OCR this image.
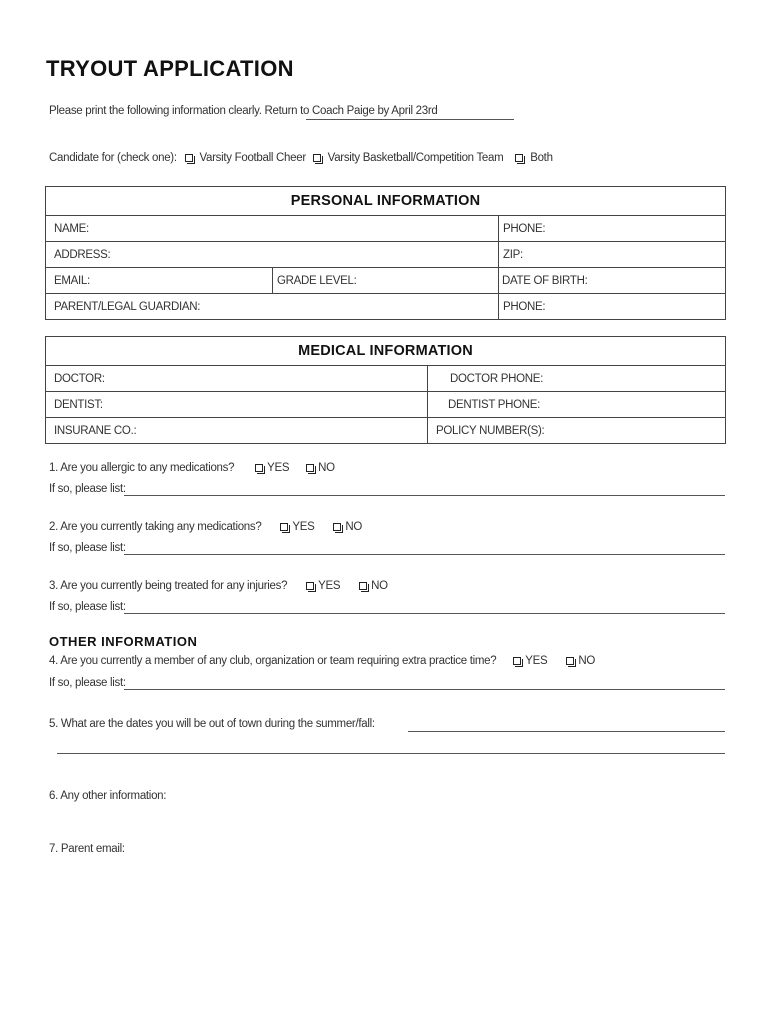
TRYOUT APPLICATION
Please print the following information clearly. Return to Coach Paige by April 23rd
Candidate for (check one): Varsity Football Cheer Varsity Basketball/Competition Team Both
PERSONAL INFORMATION		
NAME:		PHONE:
ADDRESS:		ZIP:
EMAIL:	GRADE LEVEL:	DATE OF BIRTH:
PARENT/LEGAL GUARDIAN:		PHONE:
MEDICAL INFORMATION	
DOCTOR:	DOCTOR PHONE:
DENTIST:	DENTIST PHONE:
INSURANE CO.:	POLICY NUMBER(S):
1. Are you allergic to any medications?	YES	NO
If so, please list:
2. Are you currently taking any medications?	YES	NO
If so, please list:
3. Are you currently being treated for any injuries?	YES	NO
If so, please list:
OTHER INFORMATION
4. Are you currently a member of any club, organization or team requiring extra practice time?	YES	NO
If so, please list:
5. What are the dates you will be out of town during the summer/fall:
6. Any other information:
7. Parent email:
